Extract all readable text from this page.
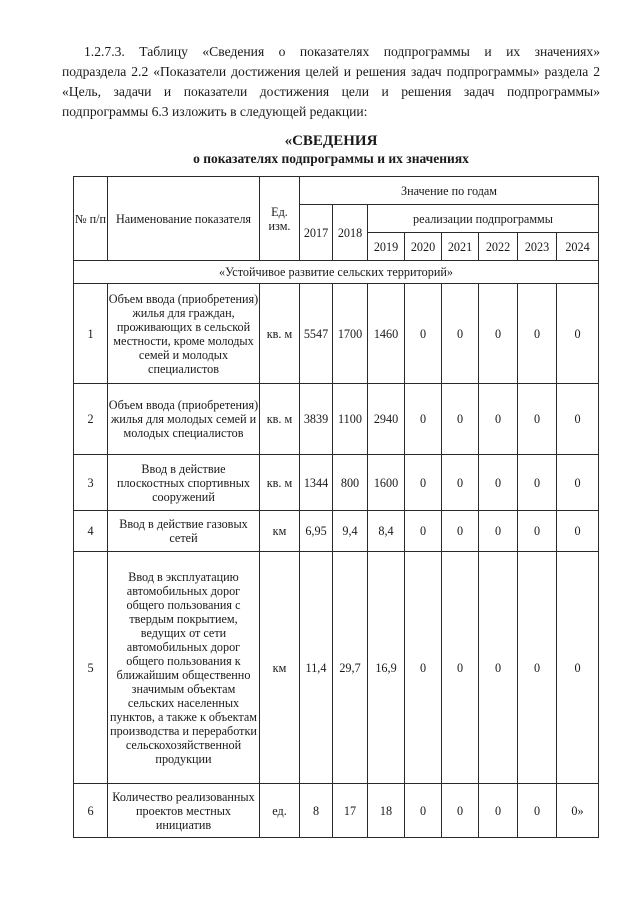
1.2.7.3. Таблицу «Сведения о показателях подпрограммы и их значениях»
подраздела 2.2 «Показатели достижения целей и решения задач подпрограммы» раздела 2
«Цель, задачи и показатели достижения цели и решения задач подпрограммы»
подпрограммы 6.3 изложить в следующей редакции:
«СВЕДЕНИЯ
о показателях подпрограммы и их значениях
№ п/п	Наименование показателя	Ед. изм.	Значение по годам							
			2017	2018	реализации подпрограммы					
					2019	2020	2021	2022	2023	2024
«Устойчивое развитие сельских территорий»										
1	Объем ввода (приобретения) жилья для граждан, проживающих в сельской местности, кроме молодых семей и молодых специалистов	кв. м	5547	1700	1460	0	0	0	0	0
2	Объем ввода (приобретения) жилья для молодых семей и молодых специалистов	кв. м	3839	1100	2940	0	0	0	0	0
3	Ввод в действие плоскостных спортивных сооружений	кв. м	1344	800	1600	0	0	0	0	0
4	Ввод в действие газовых сетей	км	6,95	9,4	8,4	0	0	0	0	0
5	Ввод в эксплуатацию автомобильных дорог общего пользования с твердым покрытием, ведущих от сети автомобильных дорог общего пользования к ближайшим общественно значимым объектам сельских населенных пунктов, а также к объектам производства и переработки сельскохозяйственной продукции	км	11,4	29,7	16,9	0	0	0	0	0
6	Количество реализованных проектов местных инициатив	ед.	8	17	18	0	0	0	0	0»
